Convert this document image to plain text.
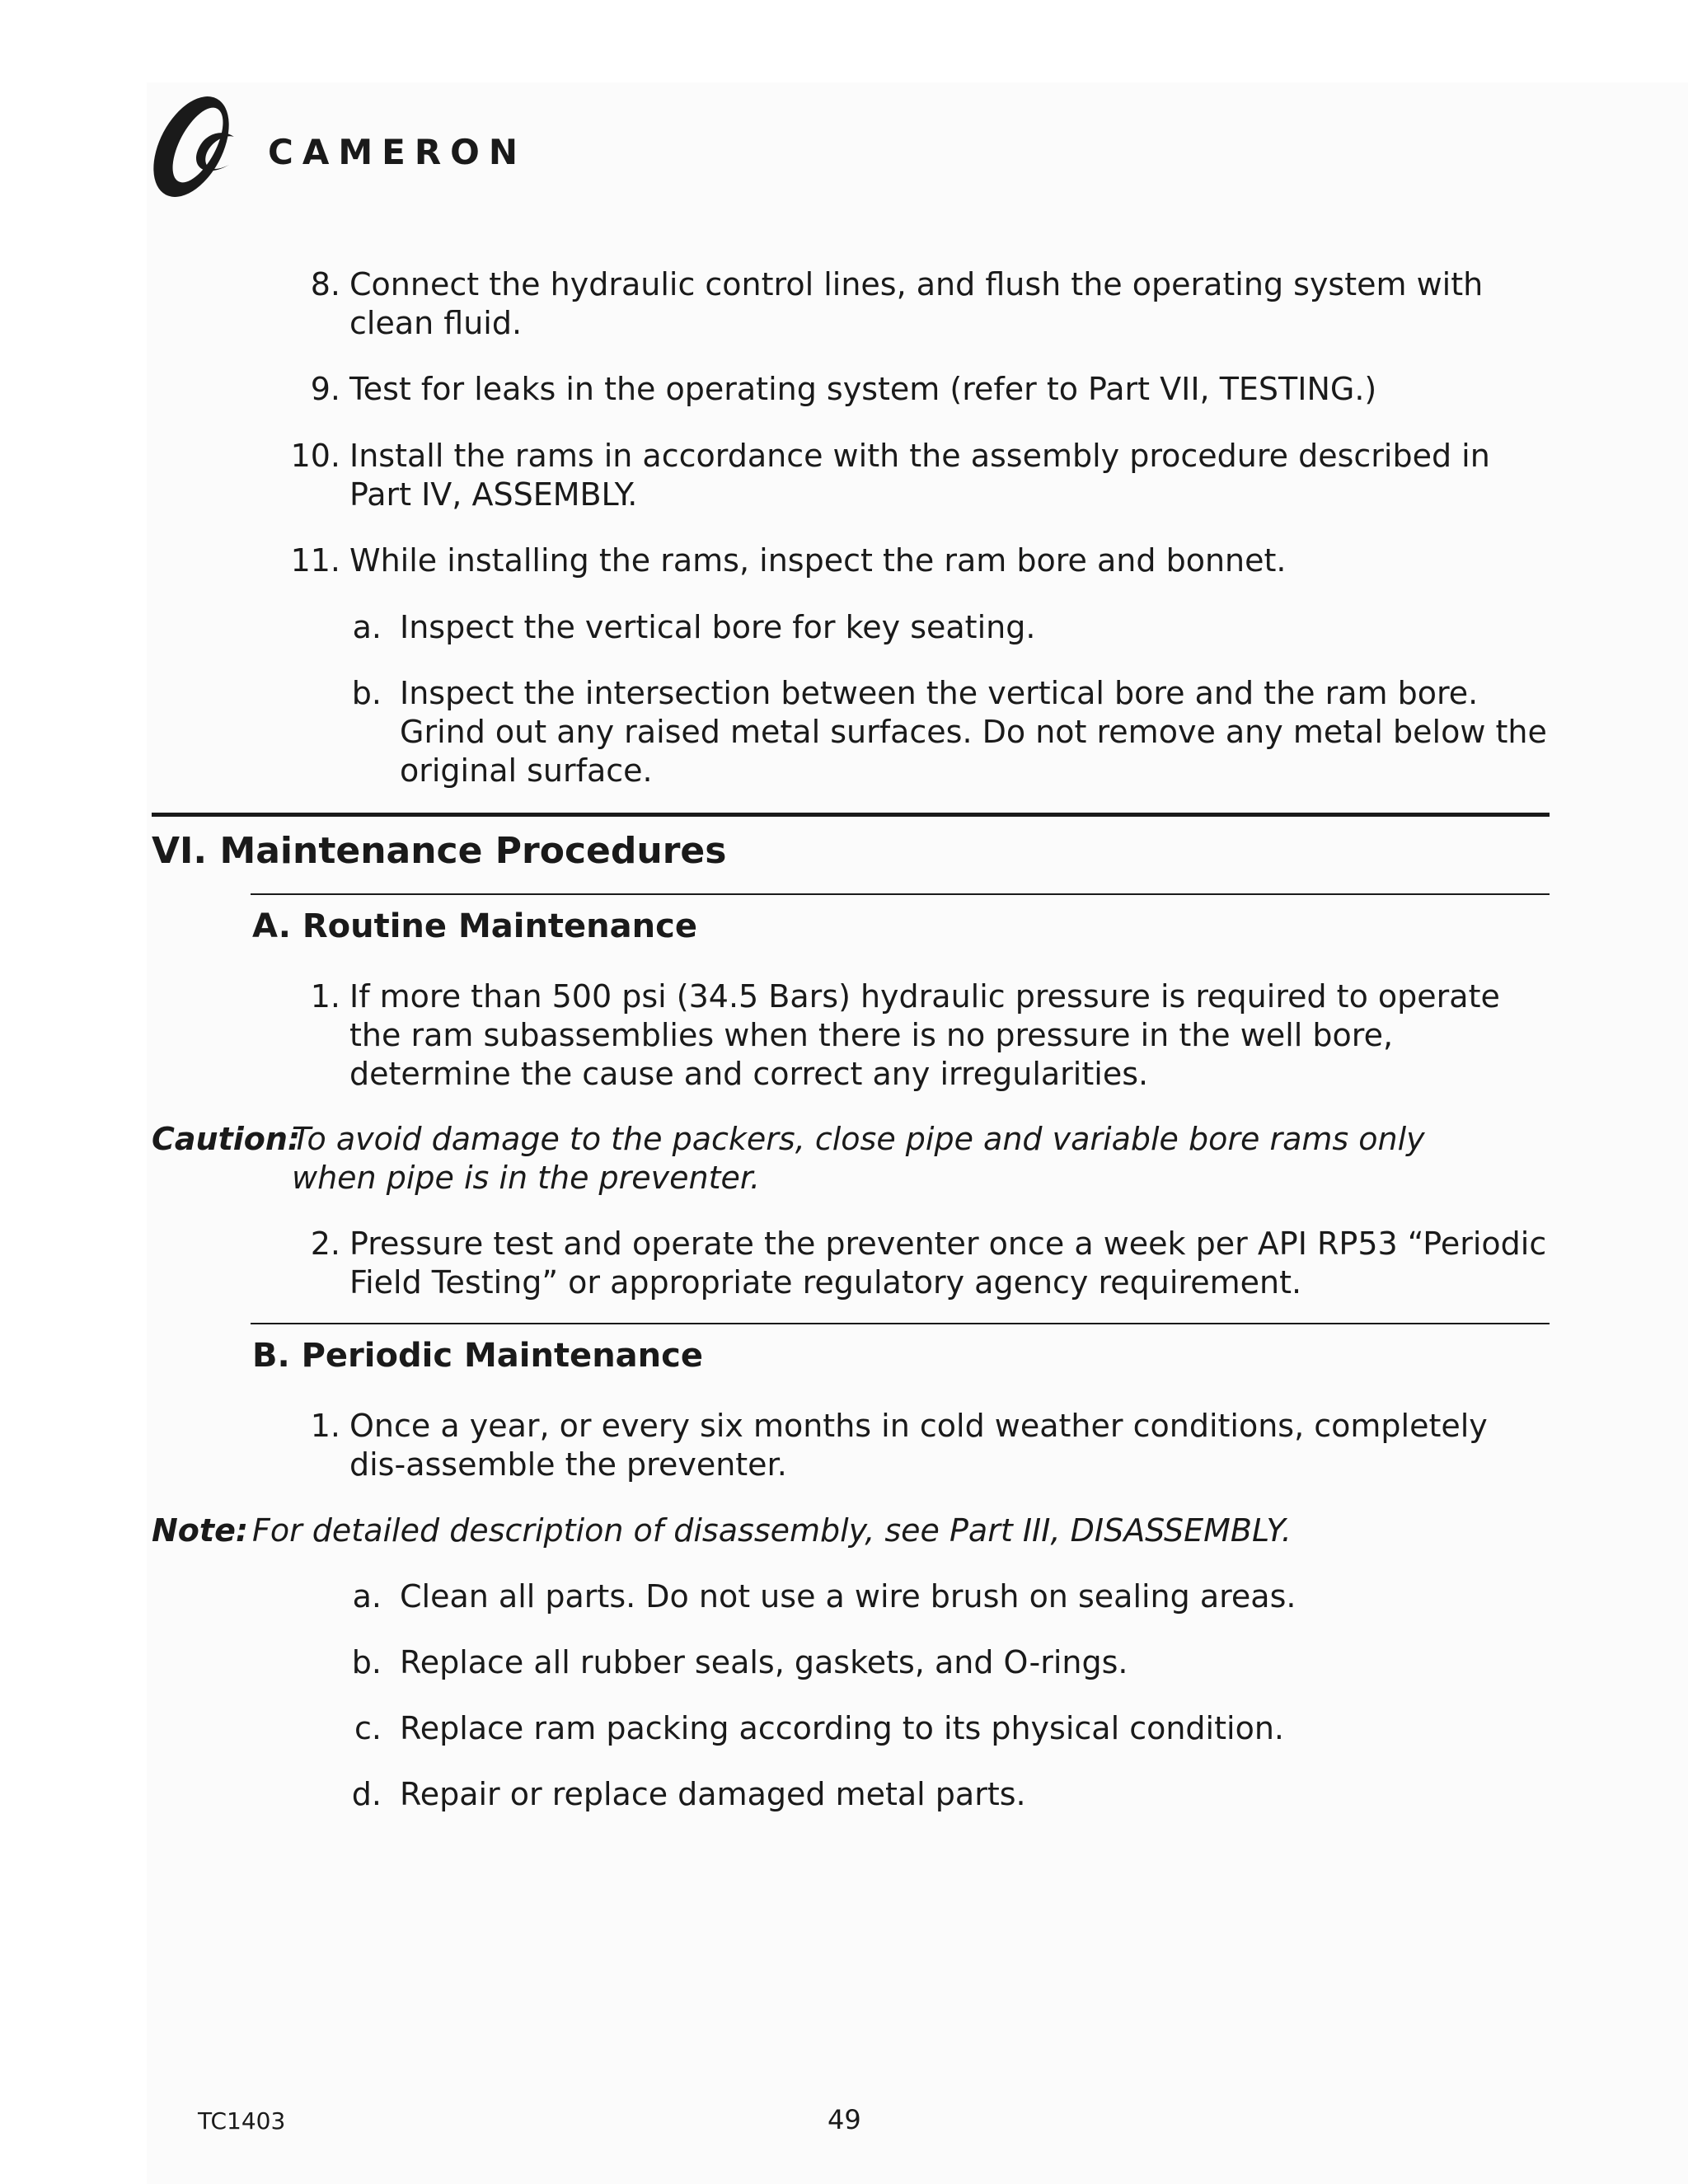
CAMERON
8. Connect the hydraulic control lines, and flush the operating system with clean fluid.
9. Test for leaks in the operating system (refer to Part VII, TESTING.)
10. Install the rams in accordance with the assembly procedure described in Part IV, ASSEMBLY.
11. While installing the rams, inspect the ram bore and bonnet.
a. Inspect the vertical bore for key seating.
b. Inspect the intersection between the vertical bore and the ram bore. Grind out any raised metal surfaces. Do not remove any metal below the original surface.
VI. Maintenance Procedures
A. Routine Maintenance
1. If more than 500 psi (34.5 Bars) hydraulic pressure is required to operate the ram subassemblies when there is no pressure in the well bore, determine the cause and correct any irregularities.
Caution:
To avoid damage to the packers, close pipe and variable bore rams only when pipe is in the preventer.
2. Pressure test and operate the preventer once a week per API RP53 “Periodic Field Testing” or appropriate regulatory agency requirement.
B. Periodic Maintenance
1. Once a year, or every six months in cold weather conditions, completely dis-assemble the preventer.
Note: For detailed description of disassembly, see Part III, DISASSEMBLY.
a. Clean all parts. Do not use a wire brush on sealing areas.
b. Replace all rubber seals, gaskets, and O-rings.
c. Replace ram packing according to its physical condition.
d. Repair or replace damaged metal parts.
TC1403	49
